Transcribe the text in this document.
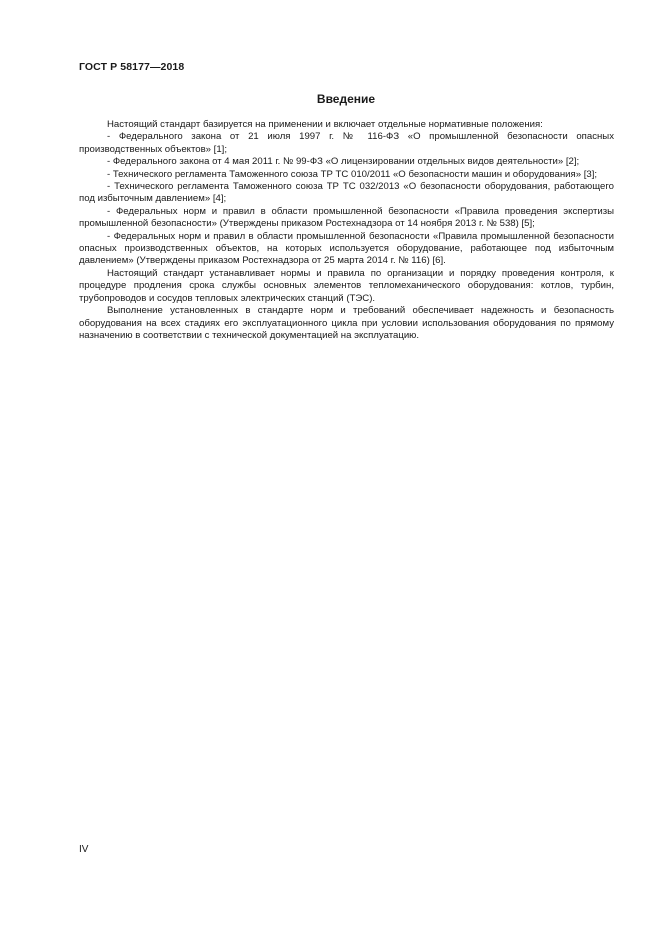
ГОСТ Р 58177—2018
Введение

Настоящий стандарт базируется на применении и включает отдельные нормативные положения:

- Федерального закона от 21 июля 1997 г. № 116-ФЗ «О промышленной безопасности опасных производственных объектов» [1];

- Федерального закона от 4 мая 2011 г. № 99-ФЗ «О лицензировании отдельных видов деятельности» [2];

- Технического регламента Таможенного союза ТР ТС 010/2011 «О безопасности машин и оборудования» [3];

- Технического регламента Таможенного союза ТР ТС 032/2013 «О безопасности оборудования, работающего под избыточным давлением» [4];

- Федеральных норм и правил в области промышленной безопасности «Правила проведения экспертизы промышленной безопасности» (Утверждены приказом Ростехнадзора от 14 ноября 2013 г. № 538) [5];

- Федеральных норм и правил в области промышленной безопасности «Правила промышленной безопасности опасных производственных объектов, на которых используется оборудование, работающее под избыточным давлением» (Утверждены приказом Ростехнадзора от 25 марта 2014 г. № 116) [6].

Настоящий стандарт устанавливает нормы и правила по организации и порядку проведения контроля, к процедуре продления срока службы основных элементов тепломеханического оборудования: котлов, турбин, трубопроводов и сосудов тепловых электрических станций (ТЭС).

Выполнение установленных в стандарте норм и требований обеспечивает надежность и безопасность оборудования на всех стадиях его эксплуатационного цикла при условии использования оборудования по прямому назначению в соответствии с технической документацией на эксплуатацию.

IV
